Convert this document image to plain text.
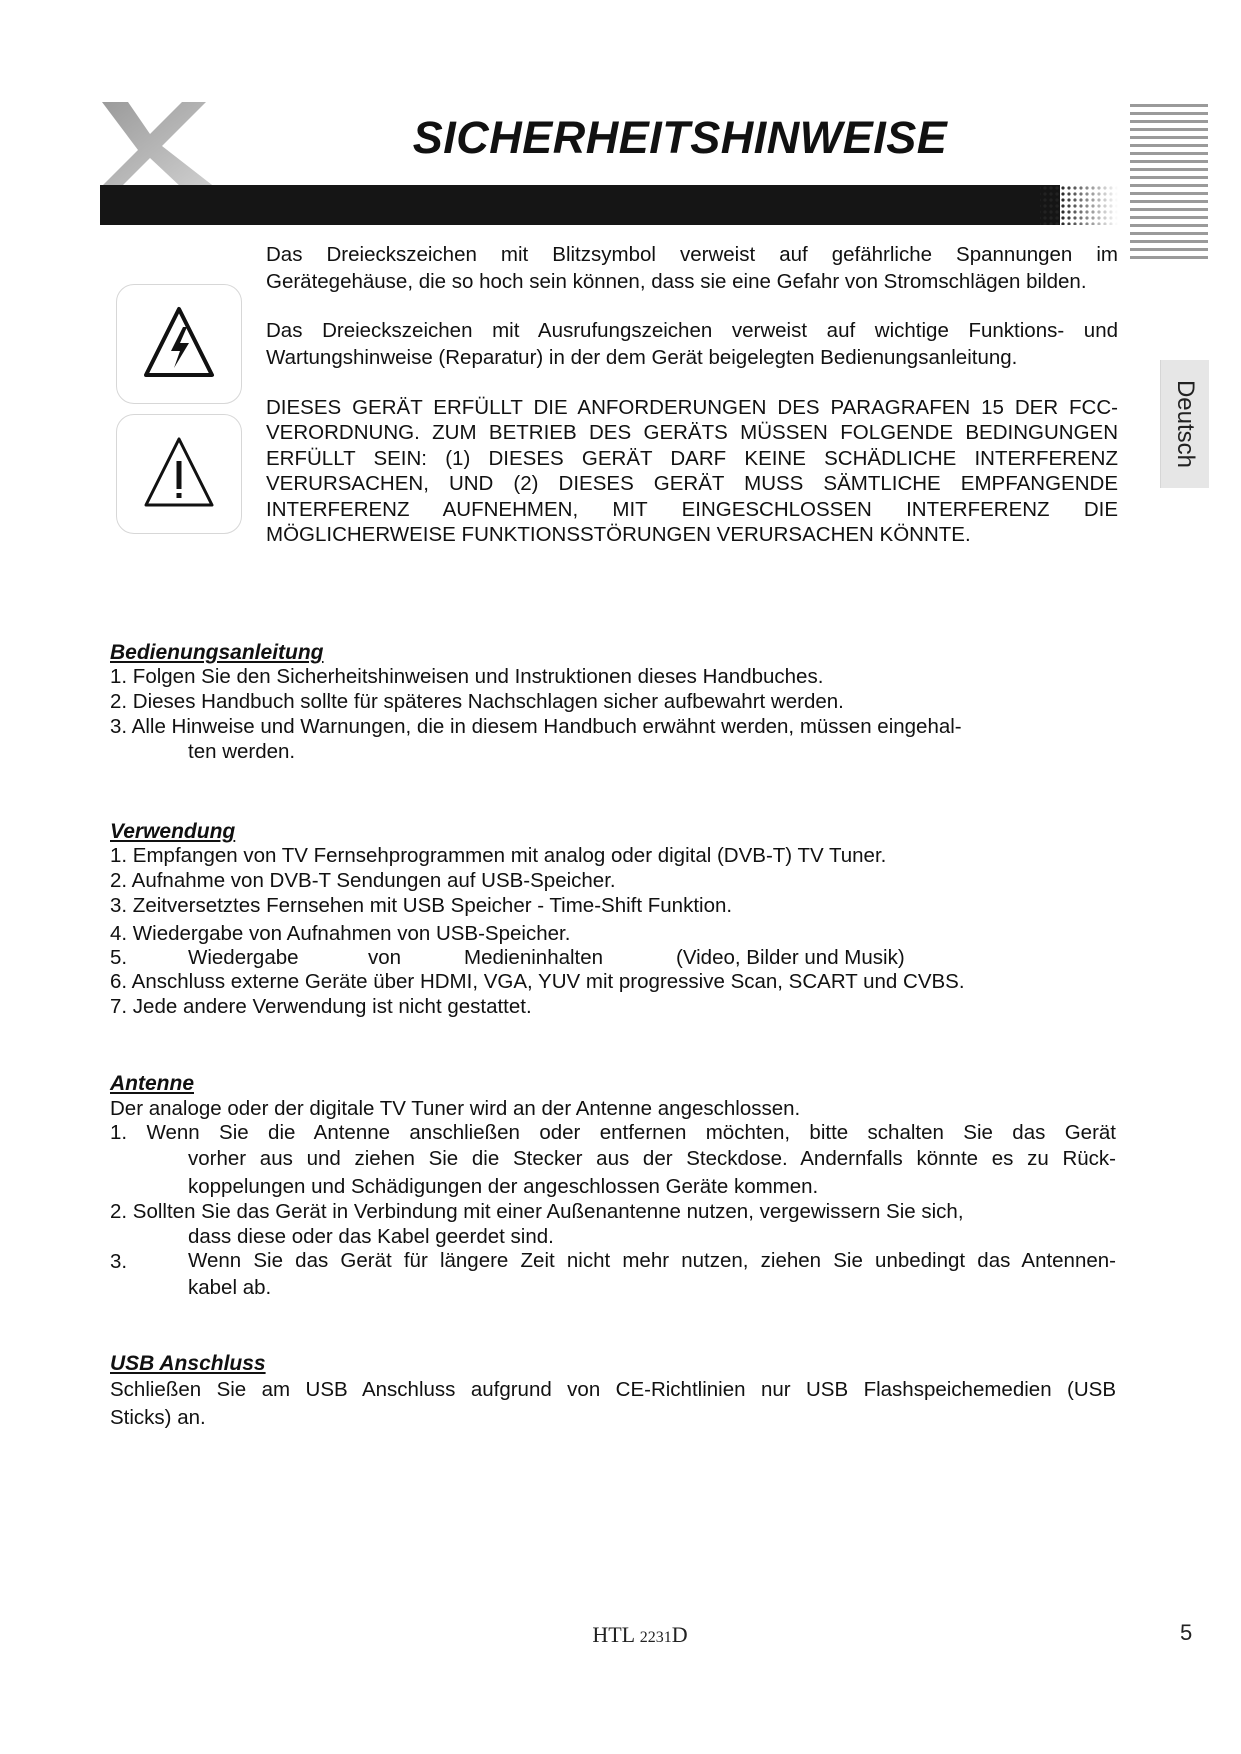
SICHERHEITSHINWEISE
Deutsch

Das Dreieckszeichen mit Blitzsymbol verweist auf gefährliche Spannungen im Gerätegehäuse, die so hoch sein können, dass sie eine Gefahr von Stromschlägen bilden.

Das Dreieckszeichen mit Ausrufungszeichen verweist auf wichtige Funktions- und Wartungshinweise (Reparatur) in der dem Gerät beigelegten Bedienungsanleitung.

DIESES GERÄT ERFÜLLT DIE ANFORDERUNGEN DES PARAGRAFEN 15 DER FCC-VERORDNUNG. ZUM BETRIEB DES GERÄTS MÜSSEN FOLGENDE BEDINGUNGEN ERFÜLLT SEIN: (1) DIESES GERÄT DARF KEINE SCHÄDLICHE INTERFERENZ VERURSACHEN, UND (2) DIESES GERÄT MUSS SÄMTLICHE EMPFANGENDE INTERFERENZ AUFNEHMEN, MIT EINGESCHLOSSEN INTERFERENZ DIE MÖGLICHERWEISE FUNKTIONSSTÖRUNGEN VERURSACHEN KÖNNTE.

Bedienungsanleitung
1. Folgen Sie den Sicherheitshinweisen und Instruktionen dieses Handbuches.
2. Dieses Handbuch sollte für späteres Nachschlagen sicher aufbewahrt werden.
3. Alle Hinweise und Warnungen, die in diesem Handbuch erwähnt werden, müssen eingehal-
ten werden.
Verwendung
1. Empfangen von TV Fernsehprogrammen mit analog oder digital (DVB-T) TV Tuner.
2. Aufnahme von DVB-T Sendungen auf USB-Speicher.
3. Zeitversetztes Fernsehen mit USB Speicher - Time-Shift Funktion.
4. Wiedergabe von Aufnahmen von USB-Speicher.
5.	Wiedergabe	von	Medieninhalten	(Video, Bilder und Musik)
6. Anschluss externe Geräte über HDMI, VGA, YUV mit progressive Scan, SCART und CVBS.
7. Jede andere Verwendung ist nicht gestattet.
Antenne
Der analoge oder der digitale TV Tuner wird an der Antenne angeschlossen.
1. Wenn Sie die Antenne anschließen oder entfernen möchten, bitte schalten Sie das Gerät
vorher aus und ziehen Sie die Stecker aus der Steckdose. Andernfalls könnte es zu Rück-
koppelungen und Schädigungen der angeschlossen Geräte kommen.
2. Sollten Sie das Gerät in Verbindung mit einer Außenantenne nutzen, vergewissern Sie sich,
dass diese oder das Kabel geerdet sind.
3.	Wenn Sie das Gerät für längere Zeit nicht mehr nutzen, ziehen Sie unbedingt das Antennen-
kabel ab.
USB Anschluss
Schließen Sie am USB Anschluss aufgrund von CE-Richtlinien nur USB Flashspeichemedien (USB
Sticks) an.
HTL 2231D	5
